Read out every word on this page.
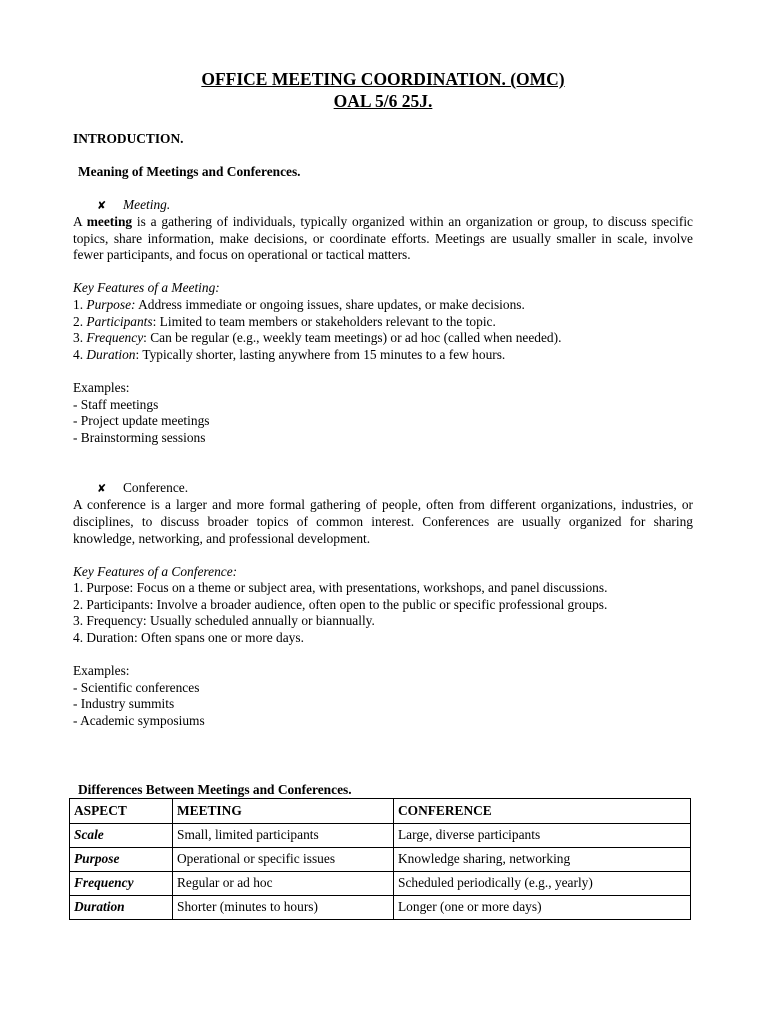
OFFICE MEETING COORDINATION. (OMC)
OAL 5/6 25J.
INTRODUCTION.
Meaning of Meetings and Conferences.
✘ Meeting.
A meeting is a gathering of individuals, typically organized within an organization or group, to discuss specific topics, share information, make decisions, or coordinate efforts. Meetings are usually smaller in scale, involve fewer participants, and focus on operational or tactical matters.
Key Features of a Meeting:
1. Purpose: Address immediate or ongoing issues, share updates, or make decisions.
2. Participants: Limited to team members or stakeholders relevant to the topic.
3. Frequency: Can be regular (e.g., weekly team meetings) or ad hoc (called when needed).
4. Duration: Typically shorter, lasting anywhere from 15 minutes to a few hours.
Examples:
- Staff meetings
- Project update meetings
- Brainstorming sessions
✘ Conference.
A conference is a larger and more formal gathering of people, often from different organizations, industries, or disciplines, to discuss broader topics of common interest. Conferences are usually organized for sharing knowledge, networking, and professional development.
Key Features of a Conference:
1. Purpose: Focus on a theme or subject area, with presentations, workshops, and panel discussions.
2. Participants: Involve a broader audience, often open to the public or specific professional groups.
3. Frequency: Usually scheduled annually or biannually.
4. Duration: Often spans one or more days.
Examples:
- Scientific conferences
- Industry summits
- Academic symposiums
Differences Between Meetings and Conferences.
ASPECT	MEETING	CONFERENCE
Scale	Small, limited participants	Large, diverse participants
Purpose	Operational or specific issues	Knowledge sharing, networking
Frequency	Regular or ad hoc	Scheduled periodically (e.g., yearly)
Duration	Shorter (minutes to hours)	Longer (one or more days)
